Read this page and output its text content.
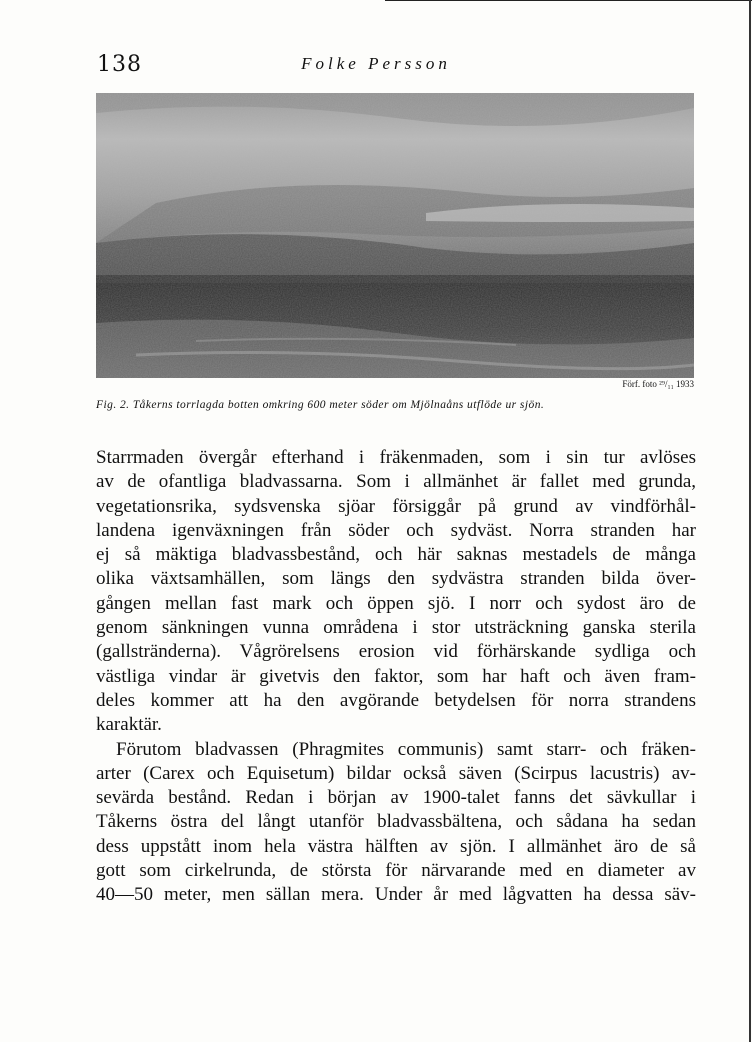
138	Folke Persson
Förf. foto ²⁹/₁₁ 1933
Fig. 2. Tåkerns torrlagda botten omkring 600 meter söder om Mjölnaåns utflöde ur sjön.
Starrmaden övergår efterhand i fräkenmaden, som i sin tur avlöses
av de ofantliga bladvassarna. Som i allmänhet är fallet med grunda,
vegetationsrika, sydsvenska sjöar försiggår på grund av vindförhål-
landena igenväxningen från söder och sydväst. Norra stranden har
ej så mäktiga bladvassbestånd, och här saknas mestadels de många
olika växtsamhällen, som längs den sydvästra stranden bilda över-
gången mellan fast mark och öppen sjö. I norr och sydost äro de
genom sänkningen vunna områdena i stor utsträckning ganska sterila
(gallstränderna). Vågrörelsens erosion vid förhärskande sydliga och
västliga vindar är givetvis den faktor, som har haft och även fram-
deles kommer att ha den avgörande betydelsen för norra strandens
karaktär.
Förutom bladvassen (Phragmites communis) samt starr- och fräken-
arter (Carex och Equisetum) bildar också säven (Scirpus lacustris) av-
sevärda bestånd. Redan i början av 1900-talet fanns det sävkullar i
Tåkerns östra del långt utanför bladvassbältena, och sådana ha sedan
dess uppstått inom hela västra hälften av sjön. I allmänhet äro de så
gott som cirkelrunda, de största för närvarande med en diameter av
40—50 meter, men sällan mera. Under år med lågvatten ha dessa säv-
